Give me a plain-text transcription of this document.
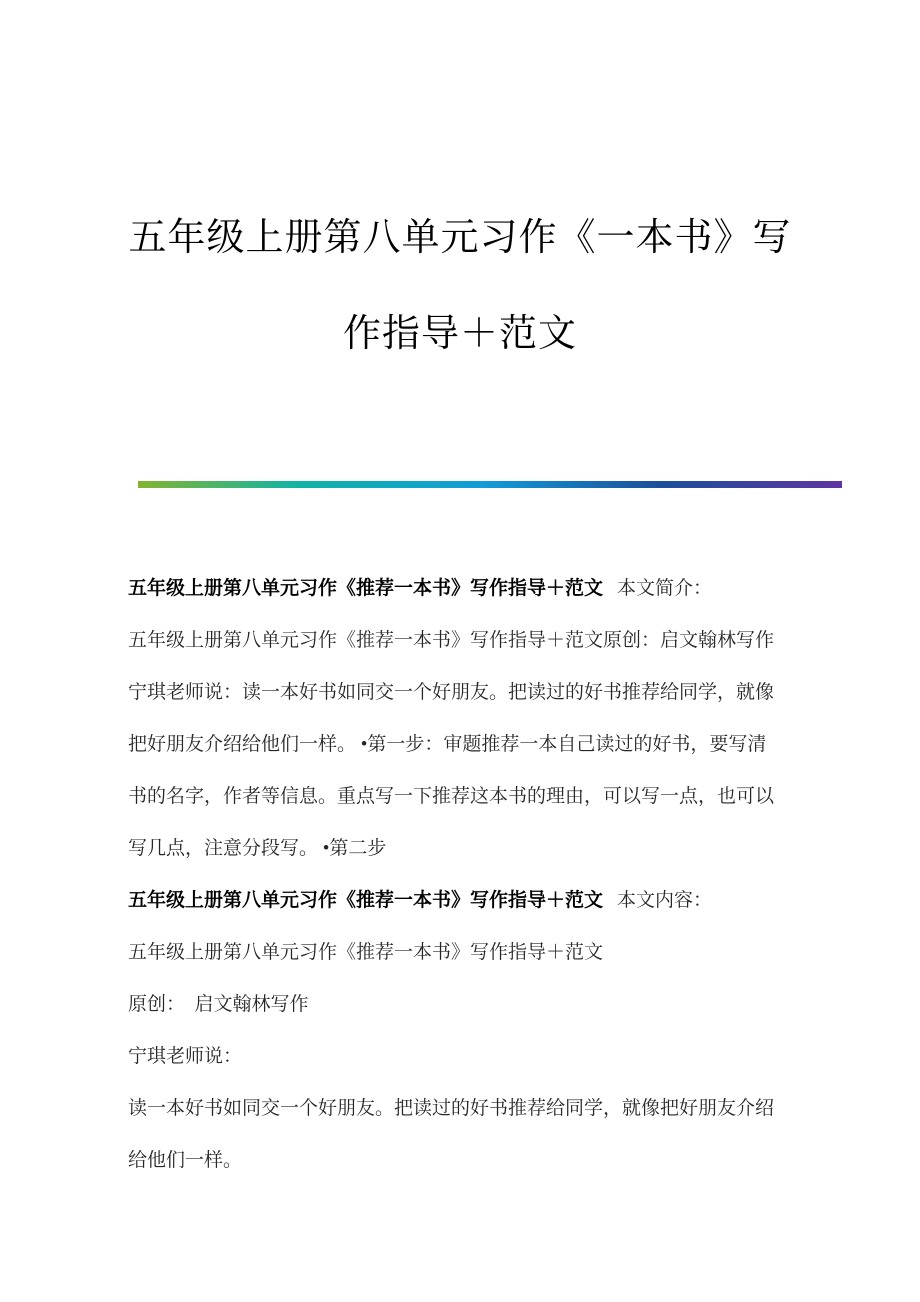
五年级上册第八单元习作《一本书》写
作指导＋范文
五年级上册第八单元习作《推荐一本书》写作指导＋范文 本文简介：
五年级上册第八单元习作《推荐一本书》写作指导＋范文原创：启文翰林写作
宁琪老师说：读一本好书如同交一个好朋友。把读过的好书推荐给同学，就像
把好朋友介绍给他们一样。 •第一步：审题推荐一本自己读过的好书，要写清
书的名字，作者等信息。重点写一下推荐这本书的理由，可以写一点，也可以
写几点，注意分段写。 •第二步
五年级上册第八单元习作《推荐一本书》写作指导＋范文 本文内容：
五年级上册第八单元习作《推荐一本书》写作指导＋范文
原创：　启文翰林写作
宁琪老师说：
读一本好书如同交一个好朋友。把读过的好书推荐给同学，就像把好朋友介绍
给他们一样。
